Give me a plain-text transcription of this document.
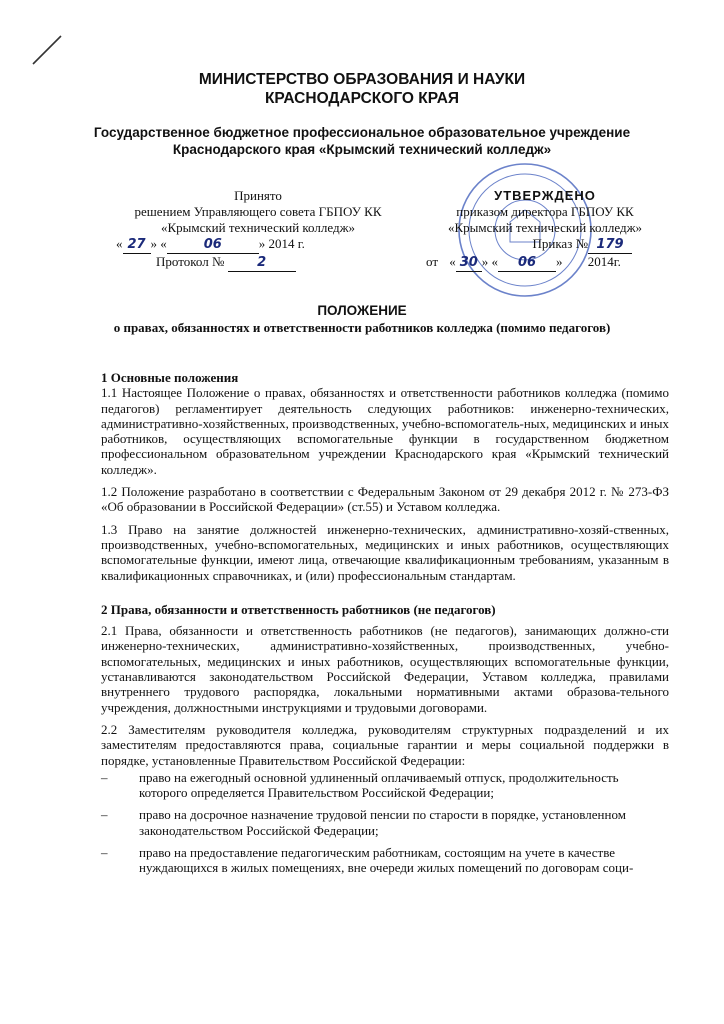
МИНИСТЕРСТВО ОБРАЗОВАНИЯ И НАУКИ
КРАСНОДАРСКОГО КРАЯ
Государственное бюджетное профессиональное образовательное учреждение
Краснодарского края «Крымский технический колледж»
Принято
решением Управляющего совета ГБПОУ КК
«Крымский технический колледж»
« 27 » «	06	» 2014 г.
Протокол №	2
УТВЕРЖДЕНО
приказом директора ГБПОУ КК
«Крымский технический колледж»
Приказ № 179
от « 30 » « 06 » 2014г.
ПОЛОЖЕНИЕ
о правах, обязанностях и ответственности работников колледжа (помимо педагогов)

1 Основные положения

1.1 Настоящее Положение о правах, обязанностях и ответственности работников колледжа (помимо педагогов) регламентирует деятельность следующих работников: инженерно-технических, административно-хозяйственных, производственных, учебно-вспомогатель-ных, медицинских и иных работников, осуществляющих вспомогательные функции в государственном бюджетном профессиональном образовательном учреждении Краснодарского края «Крымский технический колледж».

1.2 Положение разработано в соответствии с Федеральным Законом от 29 декабря 2012 г. № 273-ФЗ «Об образовании в Российской Федерации» (ст.55) и Уставом колледжа.

1.3 Право на занятие должностей инженерно-технических, административно-хозяй-ственных, производственных, учебно-вспомогательных, медицинских и иных работников, осуществляющих вспомогательные функции, имеют лица, отвечающие квалификационным требованиям, указанным в квалификационных справочниках, и (или) профессиональным стандартам.

2 Права, обязанности и ответственность работников (не педагогов)

2.1 Права, обязанности и ответственность работников (не педагогов), занимающих должно-сти инженерно-технических, административно-хозяйственных, производственных, учебно-вспомогательных, медицинских и иных работников, осуществляющих вспомогательные функции, устанавливаются законодательством Российской Федерации, Уставом колледжа, правилами внутреннего трудового распорядка, локальными нормативными актами образова-тельного учреждения, должностными инструкциями и трудовыми договорами.

2.2 Заместителям руководителя колледжа, руководителям структурных подразделений и их заместителям предоставляются права, социальные гарантии и меры социальной поддержки в порядке, установленные Правительством Российской Федерации:

– право на ежегодный основной удлиненный оплачиваемый отпуск, продолжительность которого определяется Правительством Российской Федерации;
– право на досрочное назначение трудовой пенсии по старости в порядке, установленном законодательством Российской Федерации;
– право на предоставление педагогическим работникам, состоящим на учете в качестве нуждающихся в жилых помещениях, вне очереди жилых помещений по договорам соци-
